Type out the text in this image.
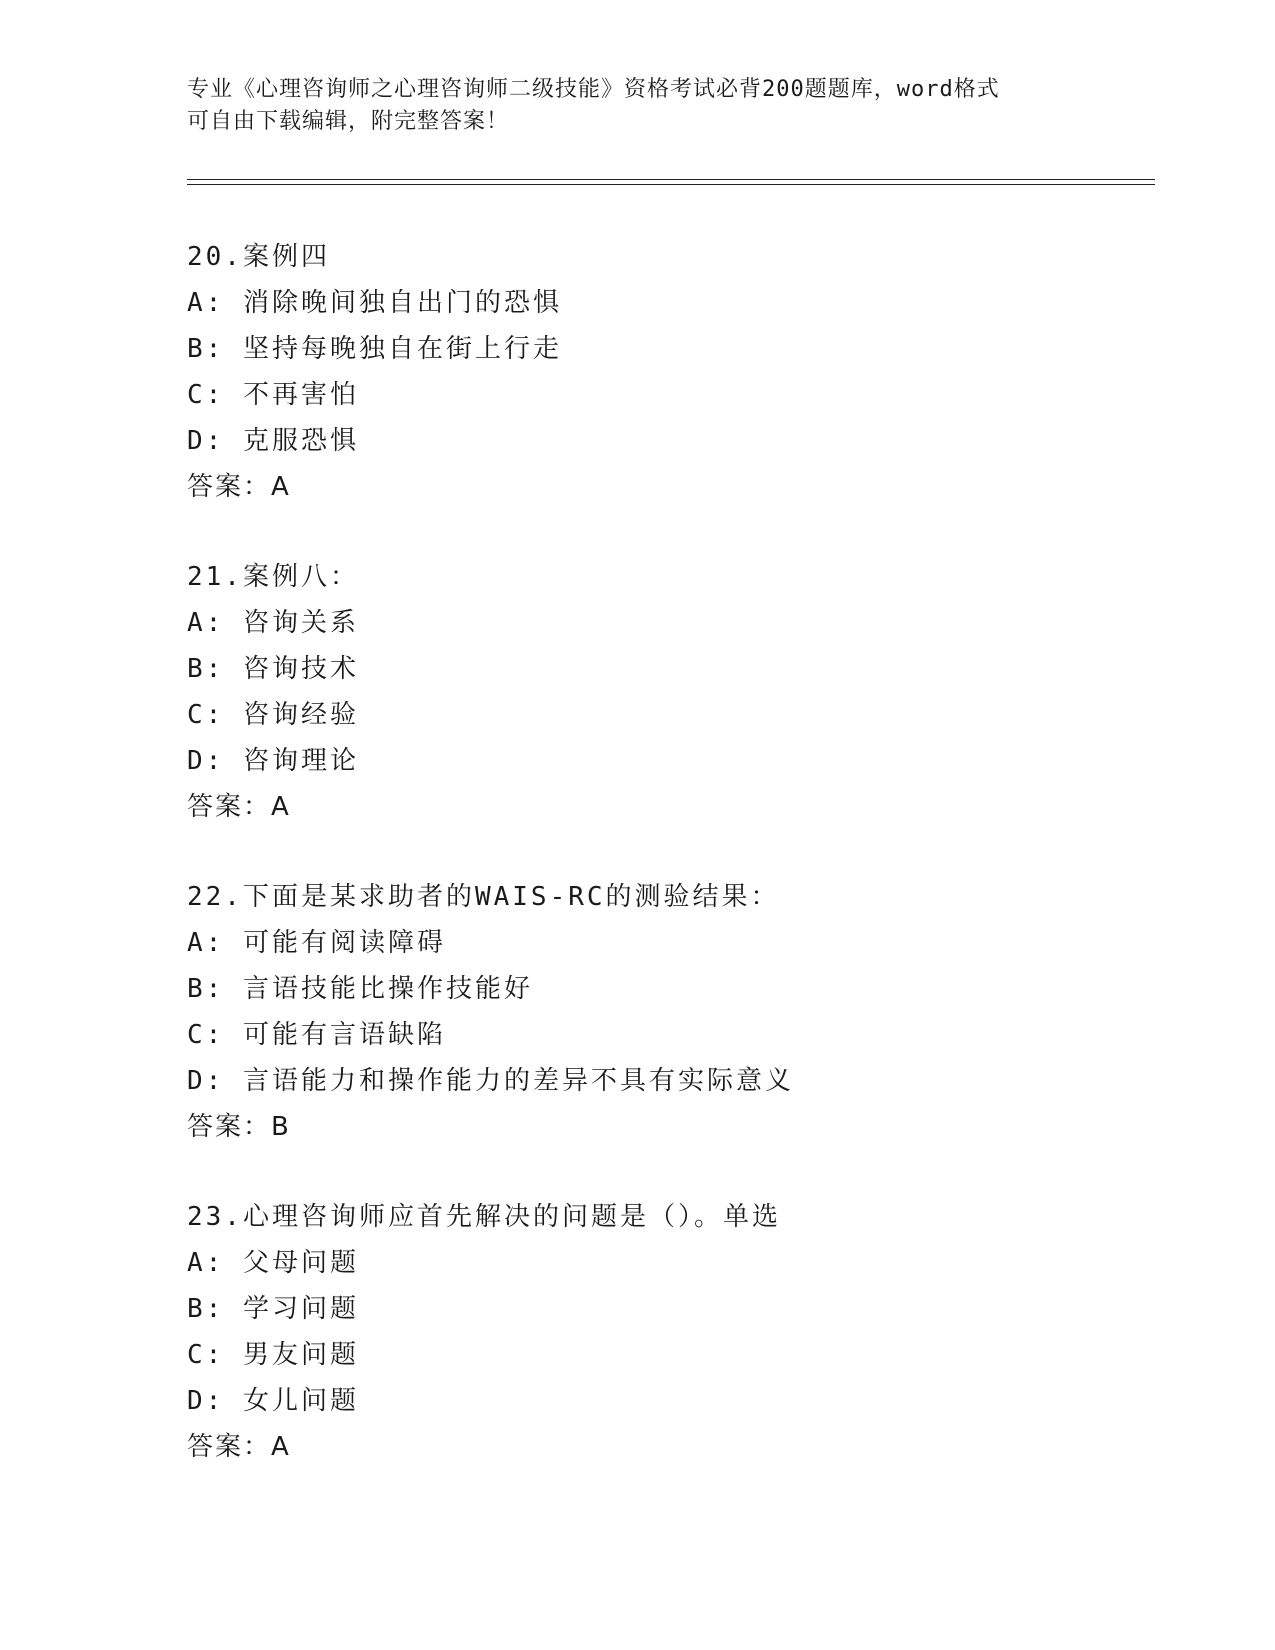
专业《心理咨询师之心理咨询师二级技能》资格考试必背200题题库，word格式
可自由下载编辑，附完整答案！
20.案例四
A: 消除晚间独自出门的恐惧
B: 坚持每晚独自在街上行走
C: 不再害怕
D: 克服恐惧
答案：A
21.案例八：
A: 咨询关系
B: 咨询技术
C: 咨询经验
D: 咨询理论
答案：A
22.下面是某求助者的WAIS-RC的测验结果：
A: 可能有阅读障碍
B: 言语技能比操作技能好
C: 可能有言语缺陷
D: 言语能力和操作能力的差异不具有实际意义
答案：B
23.心理咨询师应首先解决的问题是（）。单选
A: 父母问题
B: 学习问题
C: 男友问题
D: 女儿问题
答案：A
